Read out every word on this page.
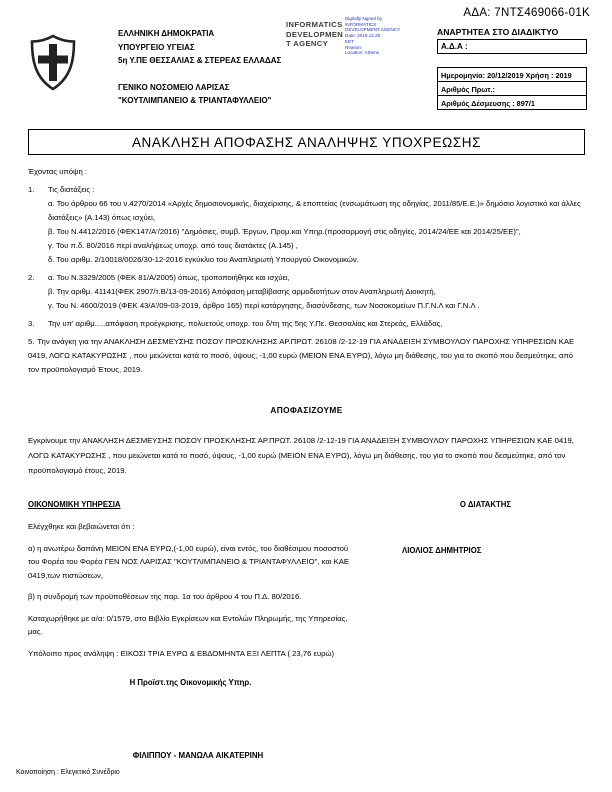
ΑΔΑ: 7ΝΤΣ469066-01Κ
ΕΛΛΗΝΙΚΗ ΔΗΜΟΚΡΑΤΙΑ
ΥΠΟΥΡΓΕΙΟ ΥΓΕΙΑΣ
5η Υ.ΠΕ ΘΕΣΣΑΛΙΑΣ & ΣΤΕΡΕΑΣ ΕΛΛΑΔΑΣ
ΓΕΝΙΚΟ ΝΟΣΟΜΕΙΟ ΛΑΡΙΣΑΣ
"ΚΟΥΤΛΙΜΠΑΝΕΙΟ & ΤΡΙΑΝΤΑΦΥΛΛΕΙΟ"
INFORMATICS
DEVELOPMEN
T AGENCY
Digitally signed by
INFORMATICS
DEVELOPMENT AGENCY
Date: 2019.12.20
EET
Reason:
Location: Athens
ΑΝΑΡΤΗΤΕΑ ΣΤΟ ΔΙΑΔΙΚΤΥΟ
Α.Δ.Α :
Ημερομηνία: 20/12/2019 Χρήση : 2019
Αριθμός Πρωτ.:
Αριθμός Δέσμευσης : 897/1
ΑΝΑΚΛΗΣΗ ΑΠΟΦΑΣΗΣ ΑΝΑΛΗΨΗΣ ΥΠΟΧΡΕΩΣΗΣ
Έχοντας υπόψη :
1. Τις διατάξεις :
α. Του άρθρου 66 του ν.4270/2014 «Αρχές δημοσιονομικής, διαχείρισης, & εποπτείας (ενσωμάτωση της οδηγίας, 2011/85/Ε.Ε.)» δημόσιο λογιστικό και άλλες διατάξεις» (Α.143) όπως ισχύει,
β. Του Ν.4412/2016 (ΦΕΚ147/Α'/2016) "Δημόσιες, συμβ. Έργων, Προμ.και Υπηρ.(προσαρμογή στις οδηγίες, 2014/24/ΕΕ και 2014/25/ΕΕ)",
γ. Του π.δ. 80/2016 περί αναλήψεως υποχρ. από τους διατάκτες (Α.145) ,
δ. Του αριθμ. 2/10018/0026/30-12-2016 εγκύκλιο του Αναπληρωτή Υπουργού Οικονομικών.
2. α. Του Ν.3329/2005 (ΦΕΚ 81/Α/2005) όπως, τροποποιήθηκε και ισχύει,
β. Την αριθμ. 41141(ΦΕΚ 2907/τ.Β/13-09-2016) Απόφαση μεταβίβασης αρμοδιοτήτων στον Αναπληρωτή Διοικητή,
γ. Του Ν. 4600/2019 (ΦΕΚ 43/Α'/09-03-2019, άρθρο 165) περί κατάργησης, διασύνδεσης, των Νοσοκομείων Π.Γ.Ν.Λ και Γ.Ν.Λ .
3. Την υπ' αριθμ.....απόφαση προέγκρισης, πολυετούς υποχρ. του δ/τη της 5ης Υ.Πε. Θεσσαλίας και Στερεάς, Ελλάδας,
5. Την ανάγκη για την ΑΝΑΚΛΗΣΗ ΔΕΣΜΕΥΣΗΣ ΠΟΣΟΥ ΠΡΟΣΚΛΗΣΗΣ ΑΡ.ΠΡΩΤ. 26108 /2-12-19 ΓΙΑ ΑΝΑΔΕΙΞΗ ΣΥΜΒΟΥΛΟΥ ΠΑΡΟΧΗΣ ΥΠΗΡΕΣΙΩΝ ΚΑΕ 0419, ΛΟΓΩ ΚΑΤΑΚΥΡΩΣΗΣ , που μειώνεται κατά το ποσό, ύψους, -1,00 ευρώ (ΜΕΙΟΝ ΕΝΑ ΕΥΡΩ), λόγω μη διάθεσης, του για το σκοπό που δεσμεύτηκε, από τον προϋπολογισμό Έτους, 2019.
ΑΠΟΦΑΣΙΖΟΥΜΕ
Εγκρίνουμε την ΑΝΑΚΛΗΣΗ ΔΕΣΜΕΥΣΗΣ ΠΟΣΟΥ ΠΡΟΣΚΛΗΣΗΣ ΑΡ.ΠΡΩΤ. 26108 /2-12-19 ΓΙΑ ΑΝΑΔΕΙΞΗ ΣΥΜΒΟΥΛΟΥ ΠΑΡΟΧΗΣ ΥΠΗΡΕΣΙΩΝ ΚΑΕ 0419, ΛΟΓΩ ΚΑΤΑΚΥΡΩΣΗΣ , που μειώνεται κατά το ποσό, ύψους, -1,00 ευρώ (ΜΕΙΟΝ ΕΝΑ ΕΥΡΩ), λόγω μη διάθεσης, του για το σκοπό που δεσμεύτηκε, από τον προϋπολογισμό έτους, 2019.
ΟΙΚΟΝΟΜΙΚΗ ΥΠΗΡΕΣΙΑ

Ελέγχθηκε και βεβαιώνεται ότι :

α) η ανωτέρω δαπάνη ΜΕΙΟΝ ΕΝΑ ΕΥΡΩ,(-1,00 ευρώ), είναι εντός, του διαθέσιμου ποσοστού του Φορέα του Φορέα ΓΕΝ ΝΟΣ ΛΑΡΙΣΑΣ "ΚΟΥΤΛΙΜΠΑΝΕΙΟ & ΤΡΙΑΝΤΑΦΥΛΛΕΙΟ", και ΚΑΕ 0419,των πιστώσεων,

β) η συνδρομή των προϋποθέσεων της παρ. 1α του άρθρου 4 του Π.Δ. 80/2016.

Καταχωρήθηκε με α/α: 0/1579, στο Βιβλίο Εγκρίσεων και Εντολών Πληρωμής, της Υπηρεσίας, μας.

Υπόλοιπο προς ανάληψη : ΕΙΚΟΣΙ ΤΡΙΑ ΕΥΡΩ & ΕΒΔΟΜΗΝΤΑ ΕΞΙ ΛΕΠΤΑ ( 23,76 ευρώ)

Η Προϊστ.της Οικονομικής Υπηρ.
Ο ΔΙΑΤΑΚΤΗΣ
ΛΙΟΛΙΟΣ ΔΗΜΗΤΡΙΟΣ
ΦΙΛΙΠΠΟΥ - ΜΑΝΩΛΑ ΑΙΚΑΤΕΡΙΝΗ
Κοινοποίηση : Ελεγκτικό Συνέδριο
